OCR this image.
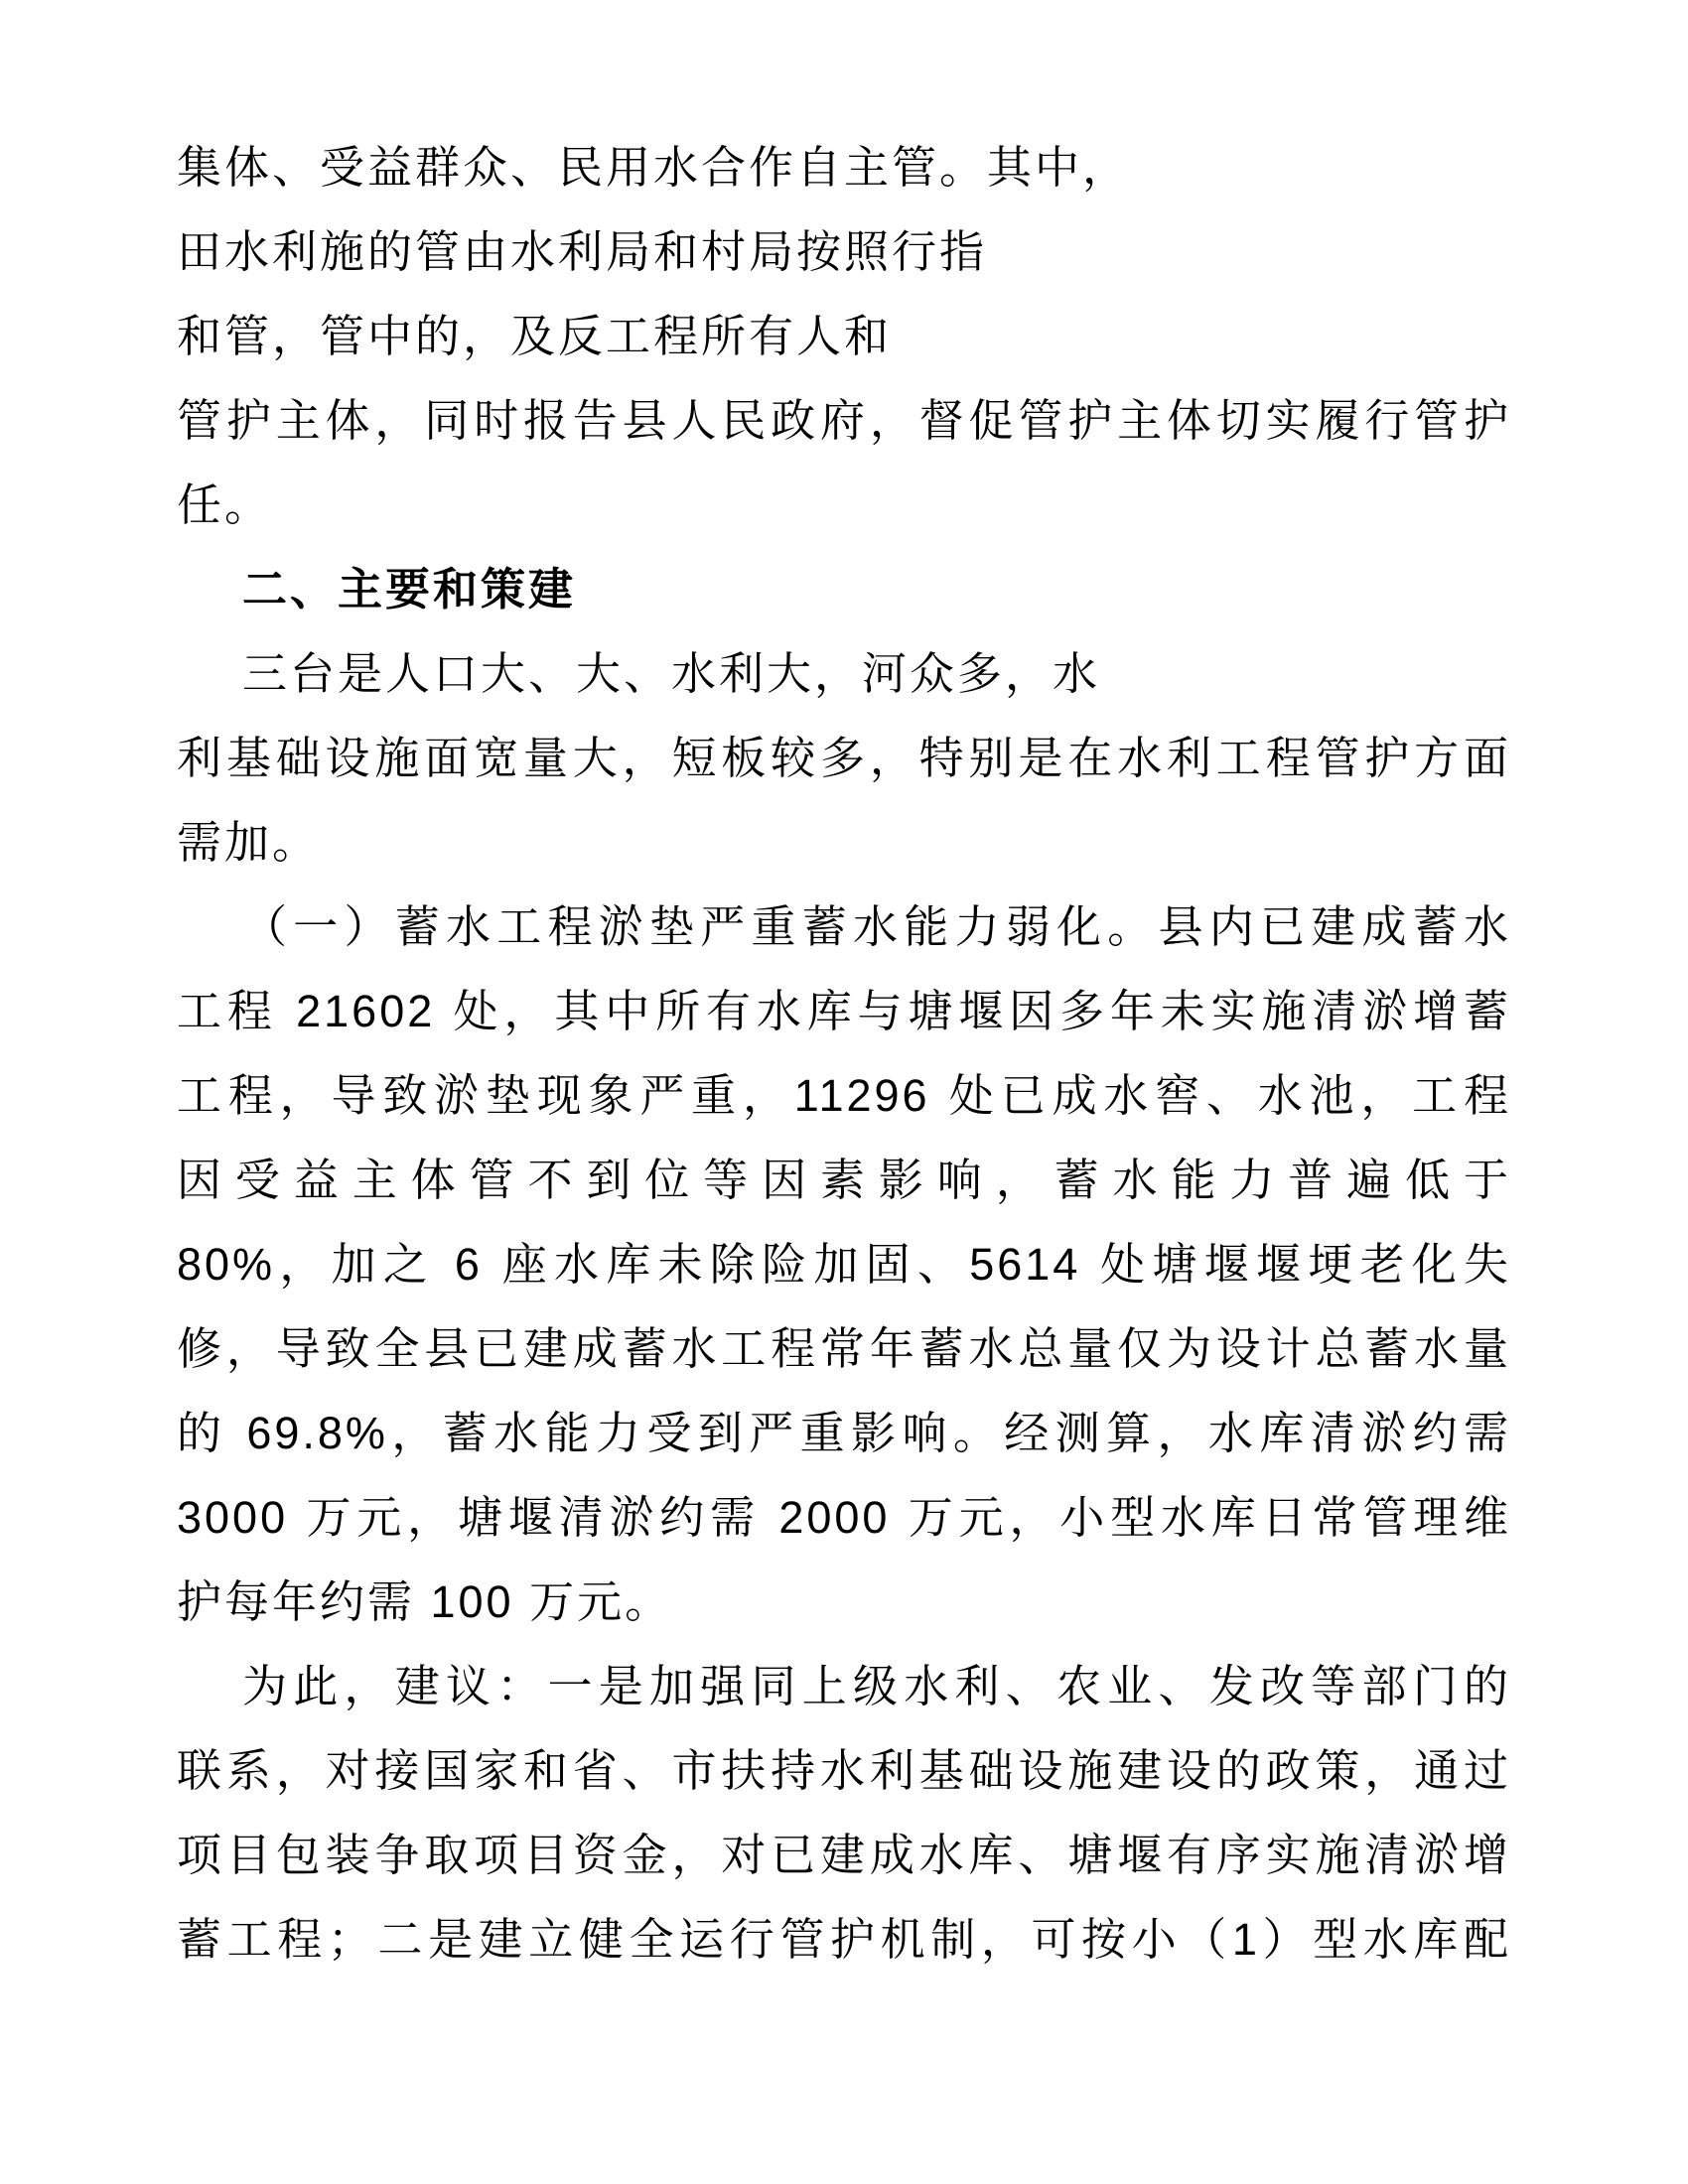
集体、受益群众、民用水合作自主管。其中，
田水利施的管由水利局和村局按照行指
和管，管中的，及反工程所有人和
管护主体，同时报告县人民政府，督促管护主体切实履行管护
任。
二、主要和策建
三台是人口大、大、水利大，河众多，水
利基础设施面宽量大，短板较多，特别是在水利工程管护方面
需加。
（一）蓄水工程淤垫严重蓄水能力弱化。县内已建成蓄水
工程 21602 处，其中所有水库与塘堰因多年未实施清淤增蓄
工程，导致淤垫现象严重，11296 处已成水窖、水池，工程
因受益主体管不到位等因素影响，蓄水能力普遍低于
80%，加之 6 座水库未除险加固、5614 处塘堰堰埂老化失
修，导致全县已建成蓄水工程常年蓄水总量仅为设计总蓄水量
的 69.8%，蓄水能力受到严重影响。经测算，水库清淤约需
3000 万元，塘堰清淤约需 2000 万元，小型水库日常管理维
护每年约需 100 万元。
为此，建议：一是加强同上级水利、农业、发改等部门的
联系，对接国家和省、市扶持水利基础设施建设的政策，通过
项目包装争取项目资金，对已建成水库、塘堰有序实施清淤增
蓄工程；二是建立健全运行管护机制，可按小（1）型水库配
